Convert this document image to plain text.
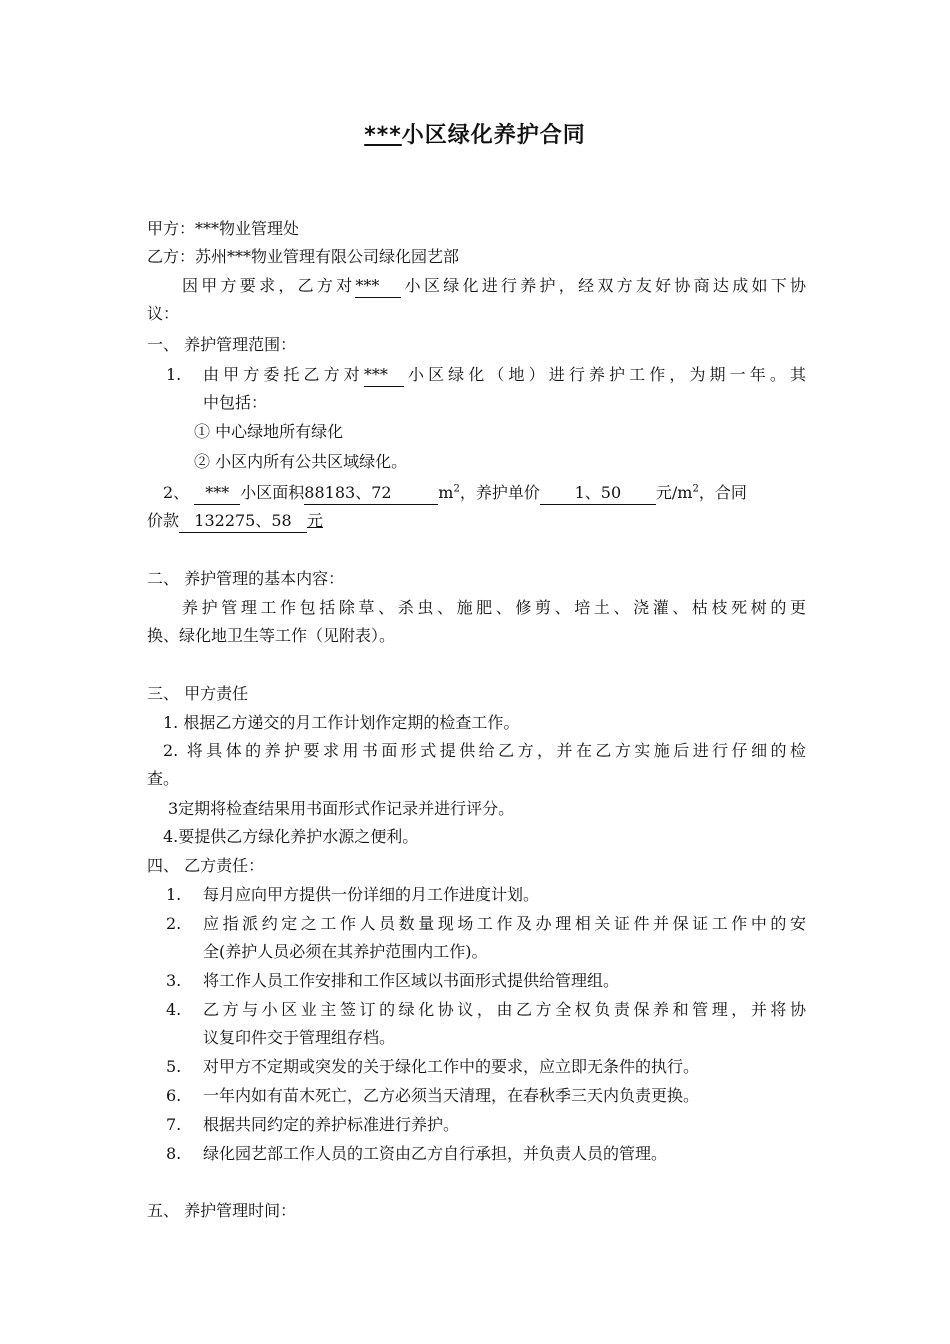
***小区绿化养护合同
甲方：***物业管理处
乙方：苏州***物业管理有限公司绿化园艺部
因甲方要求，乙方对*** 小区绿化进行养护，经双方友好协商达成如下协
议：
一、 养护管理范围：
1.	由甲方委托乙方对*** 小区绿化（地）进行养护工作，为期一年。其
中包括：
① 中心绿地所有绿化
② 小区内所有公共区域绿化。
2、 *** 小区面积88183、72	$m^2$，养护单价 1、50 元$/m^2$，合同
价款 132275、58 元
二、 养护管理的基本内容：
养护管理工作包括除草、杀虫、施肥、修剪、培土、浇灌、枯枝死树的更
换、绿化地卫生等工作（见附表）。
三、 甲方责任
1. 根据乙方递交的月工作计划作定期的检查工作。
2. 将具体的养护要求用书面形式提供给乙方，并在乙方实施后进行仔细的检
查。
3定期将检查结果用书面形式作记录并进行评分。
4.要提供乙方绿化养护水源之便利。
四、 乙方责任：
1.	每月应向甲方提供一份详细的月工作进度计划。
2.	应指派约定之工作人员数量现场工作及办理相关证件并保证工作中的安
全(养护人员必须在其养护范围内工作)。
3.	将工作人员工作安排和工作区域以书面形式提供给管理组。
4.	乙方与小区业主签订的绿化协议，由乙方全权负责保养和管理，并将协
议复印件交于管理组存档。
5.	对甲方不定期或突发的关于绿化工作中的要求，应立即无条件的执行。
6.	一年内如有苗木死亡，乙方必须当天清理，在春秋季三天内负责更换。
7.	根据共同约定的养护标准进行养护。
8.	绿化园艺部工作人员的工资由乙方自行承担，并负责人员的管理。
五、 养护管理时间：
